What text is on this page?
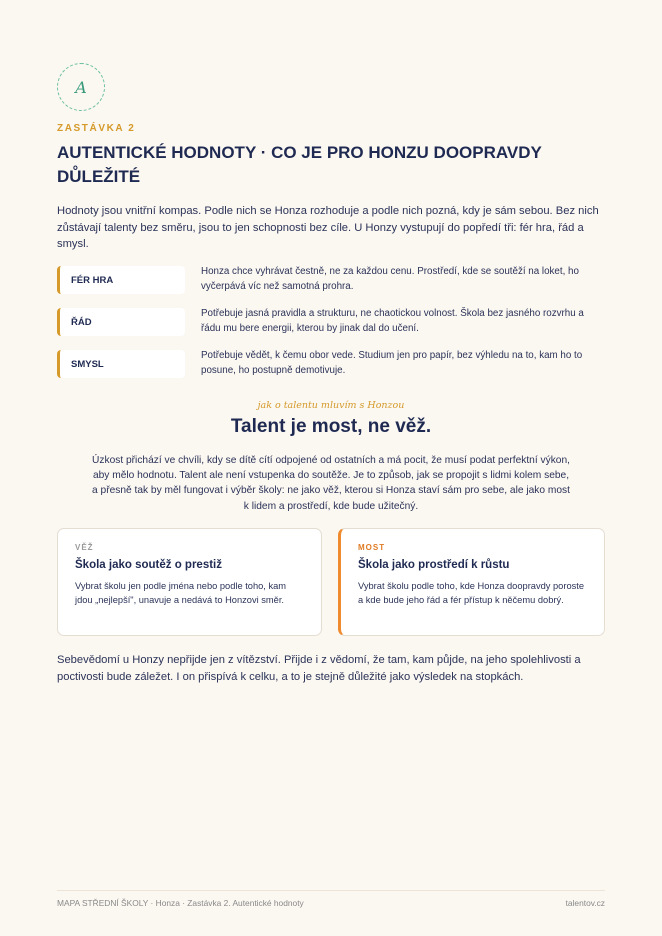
A
ZASTÁVKA 2
AUTENTICKÉ HODNOTY · CO JE PRO HONZU DOOPRAVDY DŮLEŽITÉ

Hodnoty jsou vnitřní kompas. Podle nich se Honza rozhoduje a podle nich pozná, kdy je sám sebou. Bez nich zůstávají talenty bez směru, jsou to jen schopnosti bez cíle. U Honzy vystupují do popředí tři: fér hra, řád a smysl.

FÉR HRA
Honza chce vyhrávat čestně, ne za každou cenu. Prostředí, kde se soutěží na loket, ho vyčerpává víc než samotná prohra.
ŘÁD
Potřebuje jasná pravidla a strukturu, ne chaotickou volnost. Škola bez jasného rozvrhu a řádu mu bere energii, kterou by jinak dal do učení.
SMYSL
Potřebuje vědět, k čemu obor vede. Studium jen pro papír, bez výhledu na to, kam ho to posune, ho postupně demotivuje.
jak o talentu mluvím s Honzou
Talent je most, ne věž.

Úzkost přichází ve chvíli, kdy se dítě cítí odpojené od ostatních a má pocit, že musí podat perfektní výkon, aby mělo hodnotu. Talent ale není vstupenka do soutěže. Je to způsob, jak se propojit s lidmi kolem sebe, a přesně tak by měl fungovat i výběr školy: ne jako věž, kterou si Honza staví sám pro sebe, ale jako most k lidem a prostředí, kde bude užitečný.

VĚŽ
Škola jako soutěž o prestiž
Vybrat školu jen podle jména nebo podle toho, kam jdou „nejlepší", unavuje a nedává to Honzovi směr.
MOST
Škola jako prostředí k růstu
Vybrat školu podle toho, kde Honza doopravdy poroste a kde bude jeho řád a fér přístup k něčemu dobrý.

Sebevědomí u Honzy nepřijde jen z vítězství. Přijde i z vědomí, že tam, kam půjde, na jeho spolehlivosti a poctivosti bude záležet. I on přispívá k celku, a to je stejně důležité jako výsledek na stopkách.

MAPA STŘEDNÍ ŠKOLY · Honza · Zastávka 2. Autentické hodnoty	talentov.cz
